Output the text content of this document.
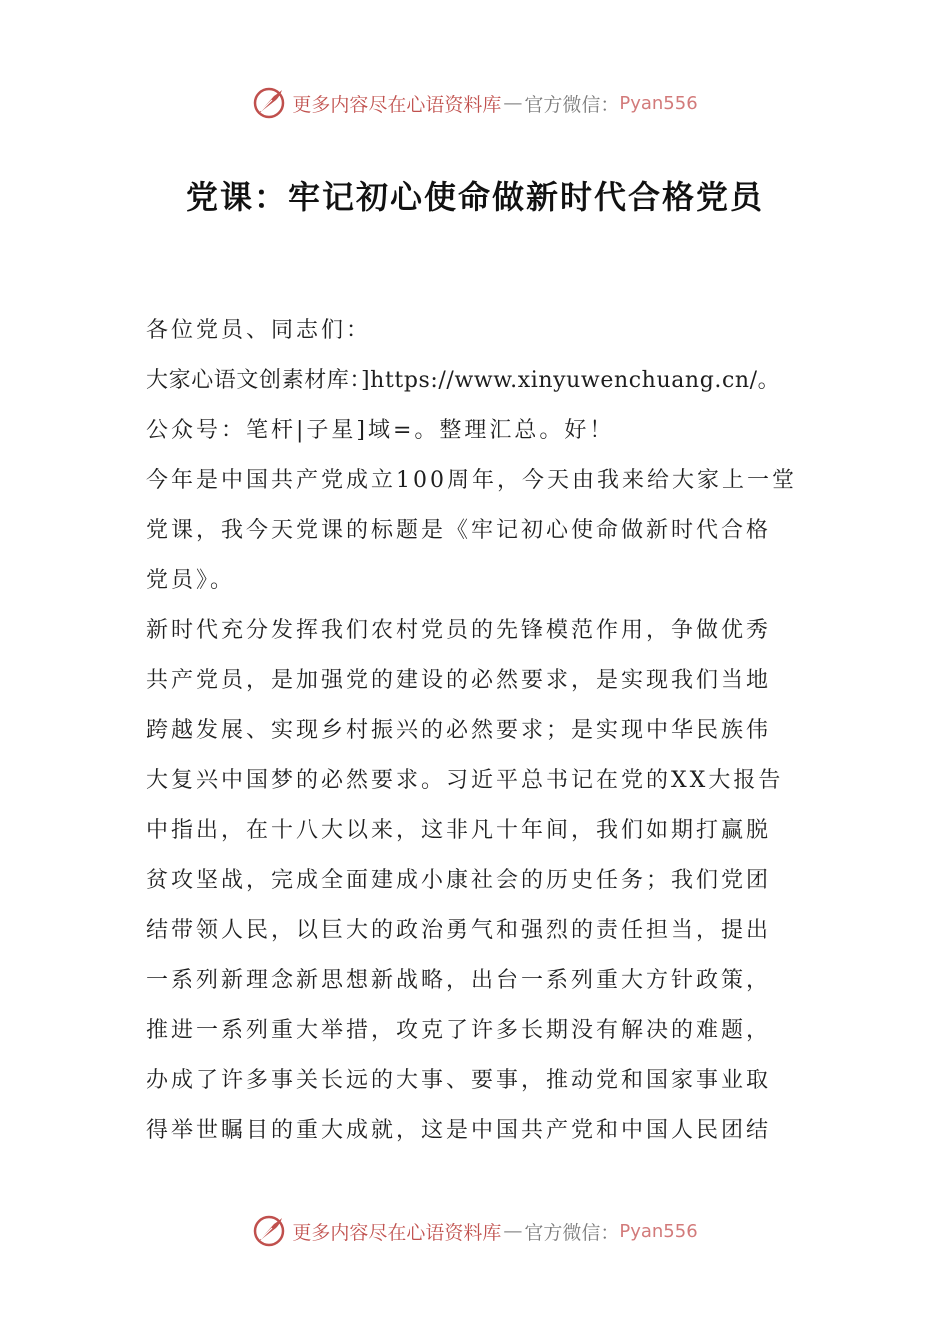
更多内容尽在心语资料库 — 官方微信： Pyan556
党课：牢记初心使命做新时代合格党员
各位党员、同志们：
大家心语文创素材库：]https://www.xinyuwenchuang.cn/。
公众号：笔杆|子星]域=。整理汇总。好！
今年是中国共产党成立100周年，今天由我来给大家上一堂
党课，我今天党课的标题是《牢记初心使命做新时代合格
党员》。
新时代充分发挥我们农村党员的先锋模范作用，争做优秀
共产党员，是加强党的建设的必然要求，是实现我们当地
跨越发展、实现乡村振兴的必然要求；是实现中华民族伟
大复兴中国梦的必然要求。习近平总书记在党的XX大报告
中指出，在十八大以来，这非凡十年间，我们如期打赢脱
贫攻坚战，完成全面建成小康社会的历史任务；我们党团
结带领人民，以巨大的政治勇气和强烈的责任担当，提出
一系列新理念新思想新战略，出台一系列重大方针政策，
推进一系列重大举措，攻克了许多长期没有解决的难题，
办成了许多事关长远的大事、要事，推动党和国家事业取
得举世瞩目的重大成就，这是中国共产党和中国人民团结
更多内容尽在心语资料库 — 官方微信： Pyan556
